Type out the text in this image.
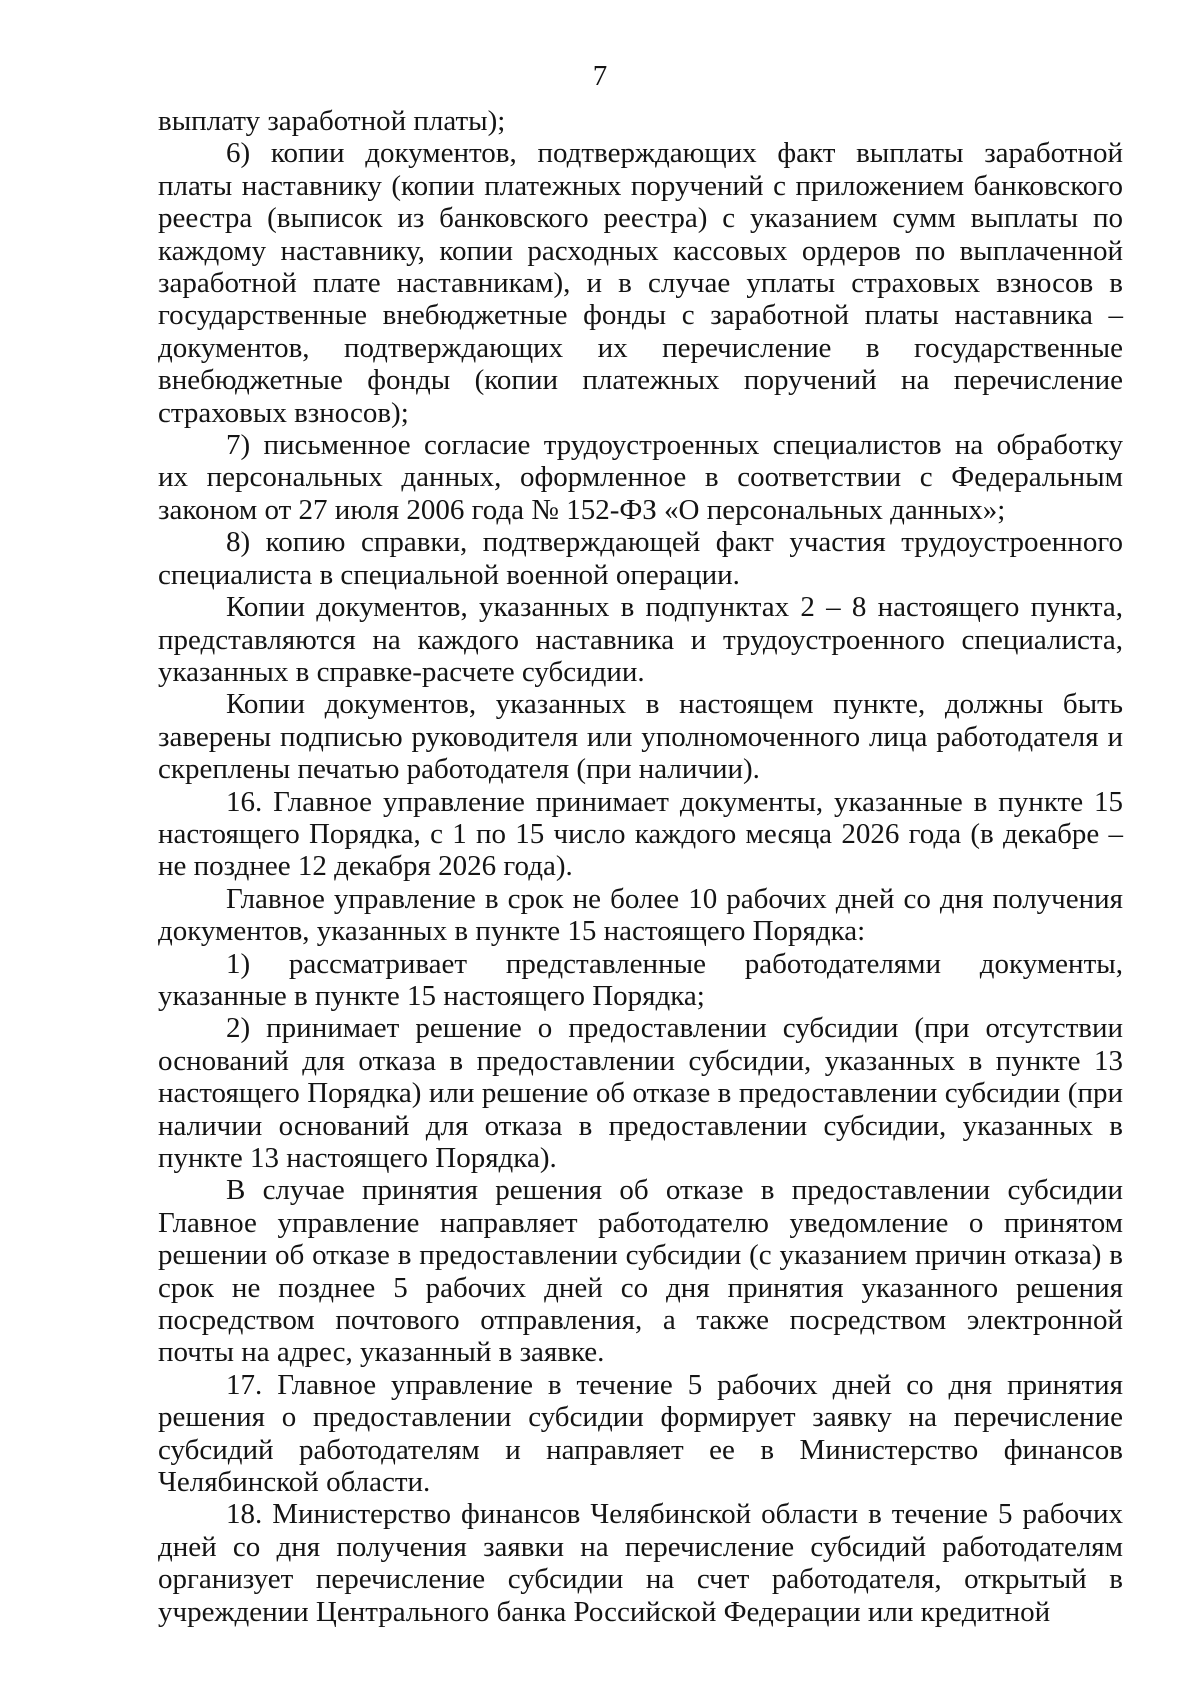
7

выплату заработной платы);

6) копии документов, подтверждающих факт выплаты заработной платы наставнику (копии платежных поручений с приложением банковского реестра (выписок из банковского реестра) с указанием сумм выплаты по каждому наставнику, копии расходных кассовых ордеров по выплаченной заработной плате наставникам), и в случае уплаты страховых взносов в государственные внебюджетные фонды с заработной платы наставника – документов, подтверждающих их перечисление в государственные внебюджетные фонды (копии платежных поручений на перечисление страховых взносов);

7) письменное согласие трудоустроенных специалистов на обработку их персональных данных, оформленное в соответствии с Федеральным законом от 27 июля 2006 года № 152-ФЗ «О персональных данных»;

8) копию справки, подтверждающей факт участия трудоустроенного специалиста в специальной военной операции.

Копии документов, указанных в подпунктах 2 – 8 настоящего пункта, представляются на каждого наставника и трудоустроенного специалиста, указанных в справке-расчете субсидии.

Копии документов, указанных в настоящем пункте, должны быть заверены подписью руководителя или уполномоченного лица работодателя и скреплены печатью работодателя (при наличии).

16. Главное управление принимает документы, указанные в пункте 15 настоящего Порядка, с 1 по 15 число каждого месяца 2026 года (в декабре – не позднее 12 декабря 2026 года).

Главное управление в срок не более 10 рабочих дней со дня получения документов, указанных в пункте 15 настоящего Порядка:

1) рассматривает представленные работодателями документы, указанные в пункте 15 настоящего Порядка;

2) принимает решение о предоставлении субсидии (при отсутствии оснований для отказа в предоставлении субсидии, указанных в пункте 13 настоящего Порядка) или решение об отказе в предоставлении субсидии (при наличии оснований для отказа в предоставлении субсидии, указанных в пункте 13 настоящего Порядка).

В случае принятия решения об отказе в предоставлении субсидии Главное управление направляет работодателю уведомление о принятом решении об отказе в предоставлении субсидии (с указанием причин отказа) в срок не позднее 5 рабочих дней со дня принятия указанного решения посредством почтового отправления, а также посредством электронной почты на адрес, указанный в заявке.

17. Главное управление в течение 5 рабочих дней со дня принятия решения о предоставлении субсидии формирует заявку на перечисление субсидий работодателям и направляет ее в Министерство финансов Челябинской области.

18. Министерство финансов Челябинской области в течение 5 рабочих дней со дня получения заявки на перечисление субсидий работодателям организует перечисление субсидии на счет работодателя, открытый в учреждении Центрального банка Российской Федерации или кредитной
